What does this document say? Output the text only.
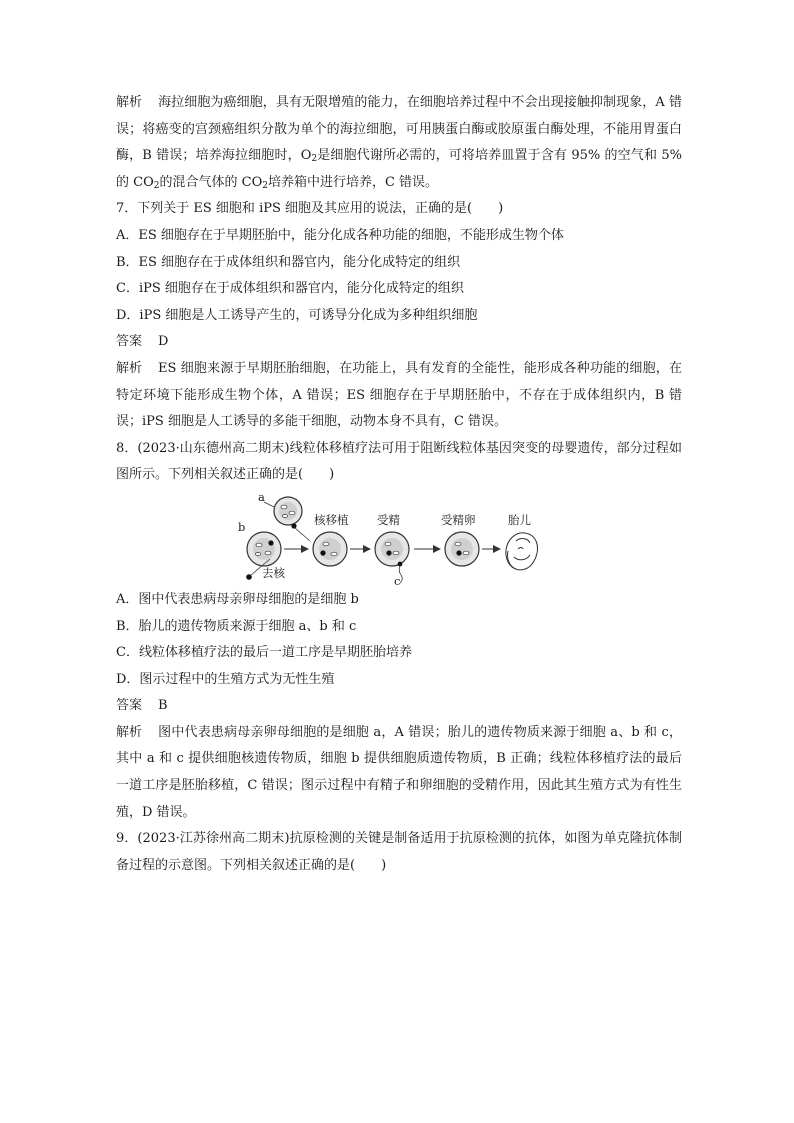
解析 海拉细胞为癌细胞，具有无限增殖的能力，在细胞培养过程中不会出现接触抑制现象，A 错误；将癌变的宫颈癌组织分散为单个的海拉细胞，可用胰蛋白酶或胶原蛋白酶处理，不能用胃蛋白酶，B 错误；培养海拉细胞时，$O_2$是细胞代谢所必需的，可将培养皿置于含有 95% 的空气和 5% 的 $CO_2$的混合气体的 $CO_2$培养箱中进行培养，C 错误。

7．下列关于 ES 细胞和 iPS 细胞及其应用的说法，正确的是(　　)

A．ES 细胞存在于早期胚胎中，能分化成各种功能的细胞，不能形成生物个体

B．ES 细胞存在于成体组织和器官内，能分化成特定的组织

C．iPS 细胞存在于成体组织和器官内，能分化成特定的组织

D．iPS 细胞是人工诱导产生的，可诱导分化成为多种组织细胞

答案 D

解析 ES 细胞来源于早期胚胎细胞，在功能上，具有发育的全能性，能形成各种功能的细胞，在特定环境下能形成生物个体，A 错误；ES 细胞存在于早期胚胎中，不存在于成体组织内，B 错误；iPS 细胞是人工诱导的多能干细胞，动物本身不具有，C 错误。

8．(2023·山东德州高二期末)线粒体移植疗法可用于阻断线粒体基因突变的母婴遗传，部分过程如图所示。下列相关叙述正确的是(　　)

a
b
去核
核移植
c
受精	受精卵	胎儿

A．图中代表患病母亲卵母细胞的是细胞 b

B．胎儿的遗传物质来源于细胞 a、b 和 c

C．线粒体移植疗法的最后一道工序是早期胚胎培养

D．图示过程中的生殖方式为无性生殖

答案 B

解析 图中代表患病母亲卵母细胞的是细胞 a，A 错误；胎儿的遗传物质来源于细胞 a、b 和 c，其中 a 和 c 提供细胞核遗传物质，细胞 b 提供细胞质遗传物质，B 正确；线粒体移植疗法的最后一道工序是胚胎移植，C 错误；图示过程中有精子和卵细胞的受精作用，因此其生殖方式为有性生殖，D 错误。

9．(2023·江苏徐州高二期末)抗原检测的关键是制备适用于抗原检测的抗体，如图为单克隆抗体制备过程的示意图。下列相关叙述正确的是(　　)
